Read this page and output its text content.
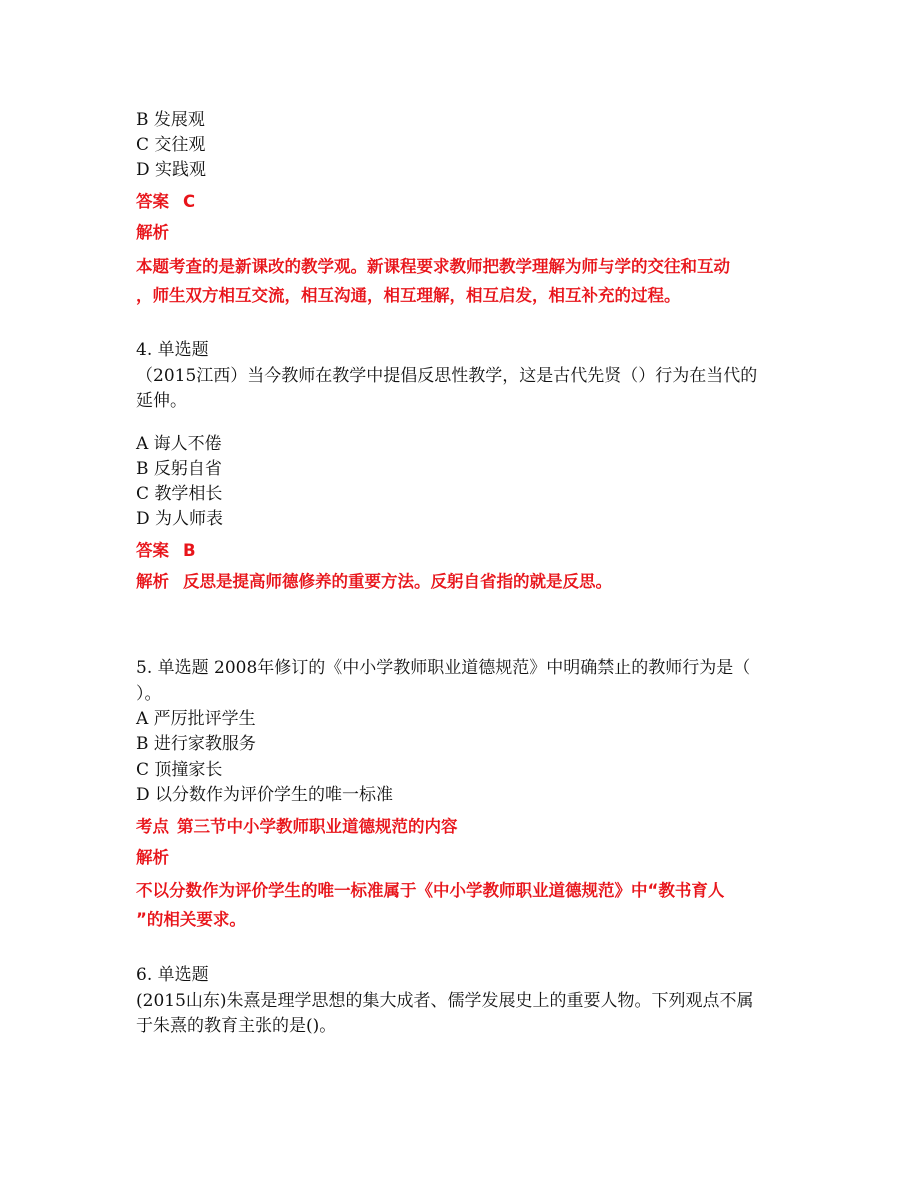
B 发展观
C 交往观
D 实践观
答案 C
解析
本题考查的是新课改的教学观。新课程要求教师把教学理解为师与学的交往和互动
，师生双方相互交流，相互沟通，相互理解，相互启发，相互补充的过程。
4. 单选题
（2015江西）当今教师在教学中提倡反思性教学，这是古代先贤（）行为在当代的
延伸。
A 诲人不倦
B 反躬自省
C 教学相长
D 为人师表
答案 B
解析 反思是提高师德修养的重要方法。反躬自省指的就是反思。
5. 单选题 2008年修订的《中小学教师职业道德规范》中明确禁止的教师行为是（
）。
A 严厉批评学生
B 进行家教服务
C 顶撞家长
D 以分数作为评价学生的唯一标准
考点 第三节中小学教师职业道德规范的内容
解析
不以分数作为评价学生的唯一标准属于《中小学教师职业道德规范》中“教书育人
”的相关要求。
6. 单选题
(2015山东)朱熹是理学思想的集大成者、儒学发展史上的重要人物。下列观点不属
于朱熹的教育主张的是()。
